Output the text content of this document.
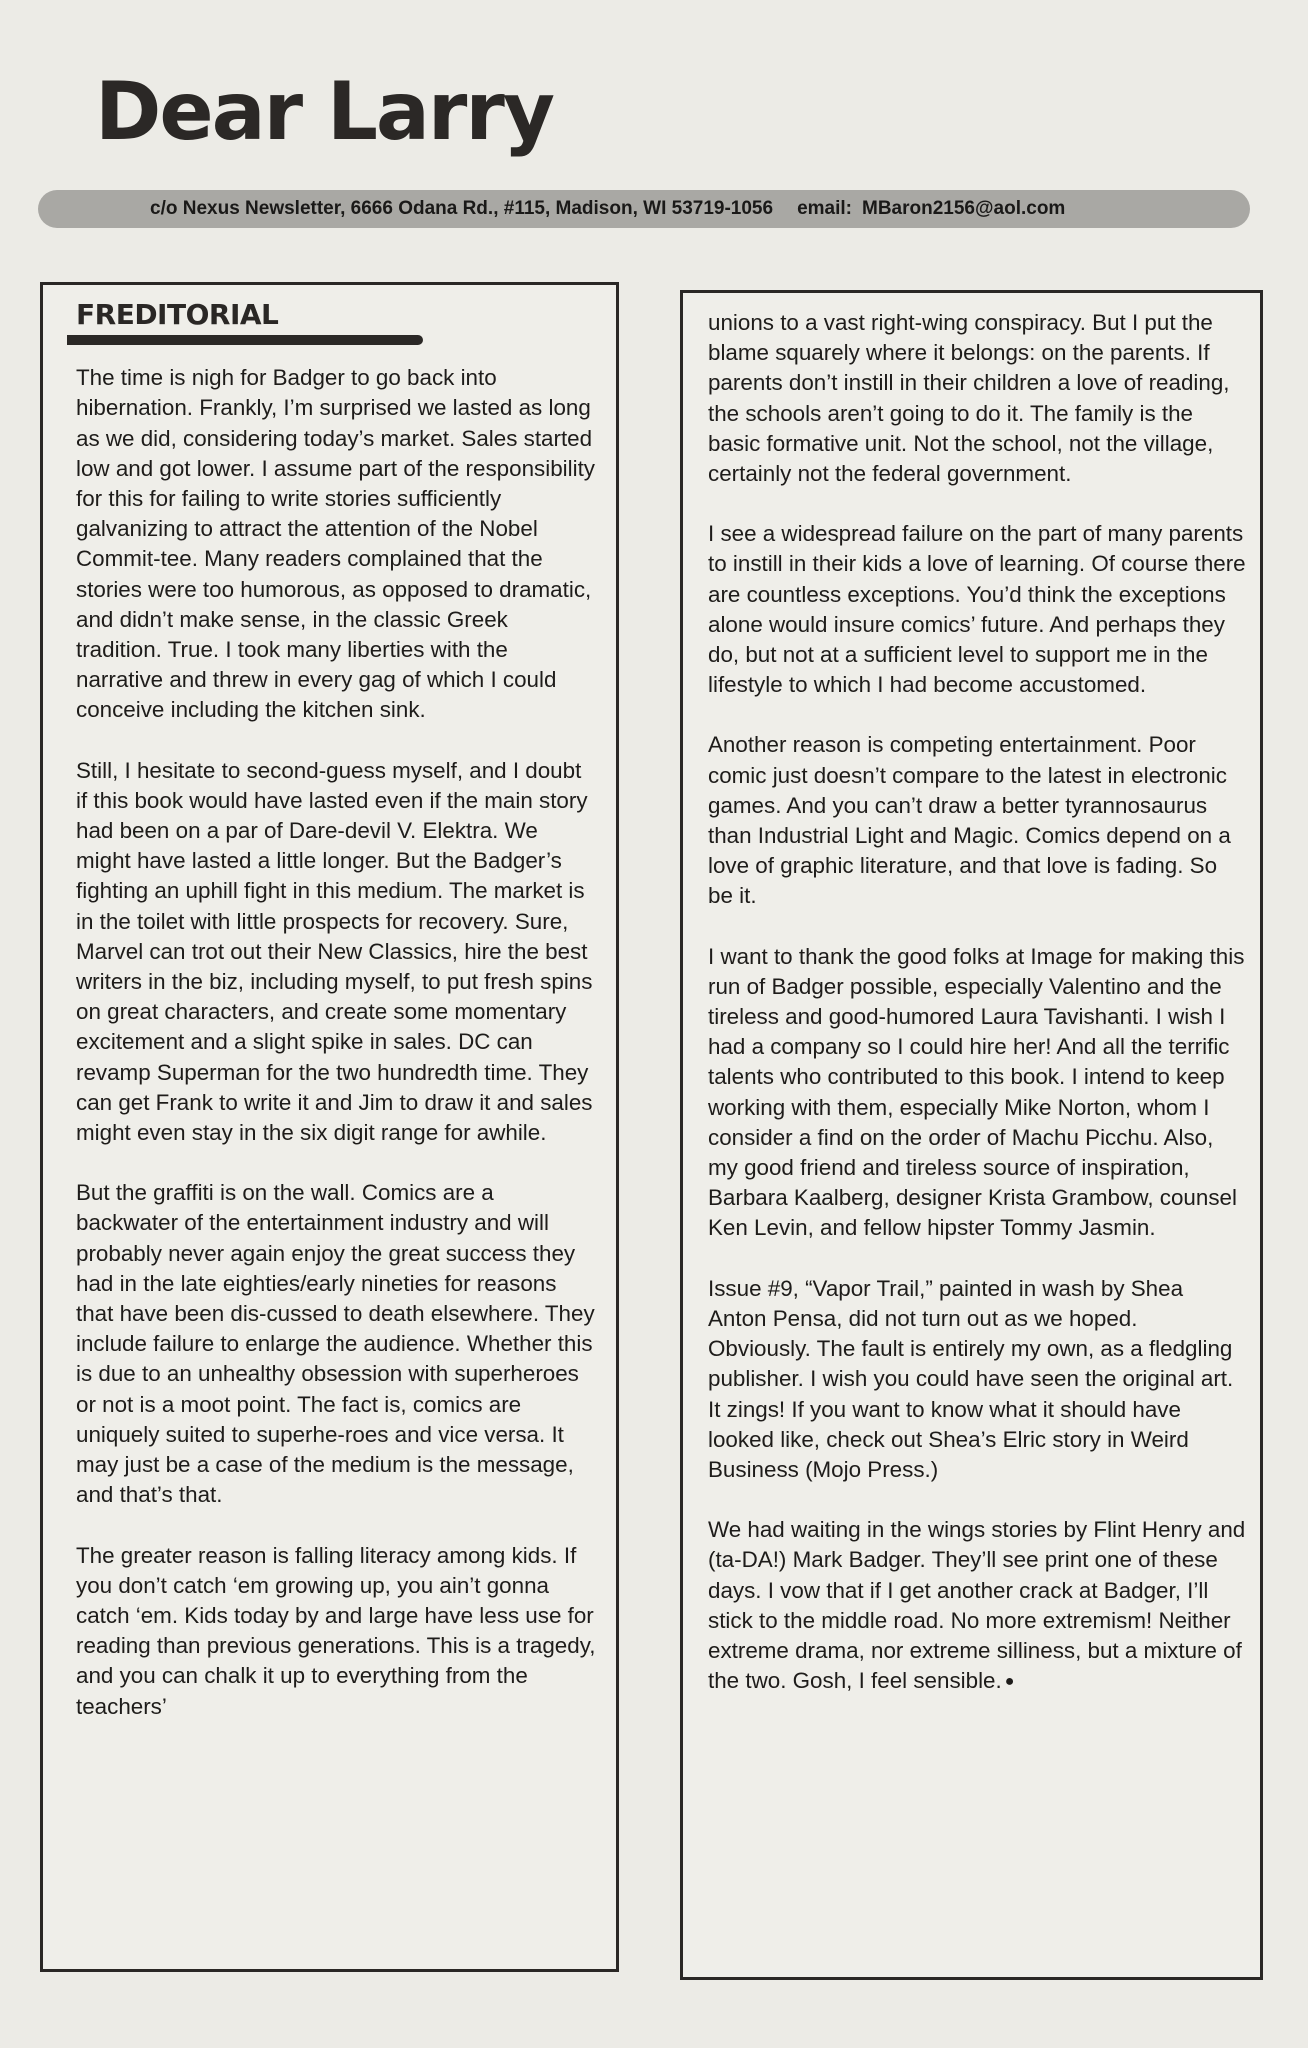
Dear Larry
c/o Nexus Newsletter, 6666 Odana Rd., #115, Madison, WI 53719-1056 email: MBaron2156@aol.com
FREDITORIAL

The time is nigh for Badger to go back into hibernation. Frankly, I’m surprised we lasted as long as we did, considering today’s market. Sales started low and got lower. I assume part of the responsibility for this for failing to write stories sufficiently galvanizing to attract the attention of the Nobel Commit-tee. Many readers complained that the stories were too humorous, as opposed to dramatic, and didn’t make sense, in the classic Greek tradition. True. I took many liberties with the narrative and threw in every gag of which I could conceive including the kitchen sink.

Still, I hesitate to second-guess myself, and I doubt if this book would have lasted even if the main story had been on a par of Dare-devil V. Elektra. We might have lasted a little longer. But the Badger’s fighting an uphill fight in this medium. The market is in the toilet with little prospects for recovery. Sure, Marvel can trot out their New Classics, hire the best writers in the biz, including myself, to put fresh spins on great characters, and create some momentary excitement and a slight spike in sales. DC can revamp Superman for the two hundredth time. They can get Frank to write it and Jim to draw it and sales might even stay in the six digit range for awhile.

But the graffiti is on the wall. Comics are a backwater of the entertainment industry and will probably never again enjoy the great success they had in the late eighties/early nineties for reasons that have been dis-cussed to death elsewhere. They include failure to enlarge the audience. Whether this is due to an unhealthy obsession with superheroes or not is a moot point. The fact is, comics are uniquely suited to superhe-roes and vice versa. It may just be a case of the medium is the message, and that’s that.

The greater reason is falling literacy among kids. If you don’t catch ‘em growing up, you ain’t gonna catch ‘em. Kids today by and large have less use for reading than previous generations. This is a tragedy, and you can chalk it up to everything from the teachers’

unions to a vast right-wing conspiracy. But I put the blame squarely where it belongs: on the parents. If parents don’t instill in their children a love of reading, the schools aren’t going to do it. The family is the basic formative unit. Not the school, not the village, certainly not the federal government.

I see a widespread failure on the part of many parents to instill in their kids a love of learning. Of course there are countless exceptions. You’d think the exceptions alone would insure comics’ future. And perhaps they do, but not at a sufficient level to support me in the lifestyle to which I had become accustomed.

Another reason is competing entertainment. Poor comic just doesn’t compare to the latest in electronic games. And you can’t draw a better tyrannosaurus than Industrial Light and Magic. Comics depend on a love of graphic literature, and that love is fading. So be it.

I want to thank the good folks at Image for making this run of Badger possible, especially Valentino and the tireless and good-humored Laura Tavishanti. I wish I had a company so I could hire her! And all the terrific talents who contributed to this book. I intend to keep working with them, especially Mike Norton, whom I consider a find on the order of Machu Picchu. Also, my good friend and tireless source of inspiration, Barbara Kaalberg, designer Krista Grambow, counsel Ken Levin, and fellow hipster Tommy Jasmin.

Issue #9, “Vapor Trail,” painted in wash by Shea Anton Pensa, did not turn out as we hoped. Obviously. The fault is entirely my own, as a fledgling publisher. I wish you could have seen the original art. It zings! If you want to know what it should have looked like, check out Shea’s Elric story in Weird Business (Mojo Press.)

We had waiting in the wings stories by Flint Henry and (ta-DA!) Mark Badger. They’ll see print one of these days. I vow that if I get another crack at Badger, I’ll stick to the middle road. No more extremism! Neither extreme drama, nor extreme silliness, but a mixture of the two. Gosh, I feel sensible. ●
